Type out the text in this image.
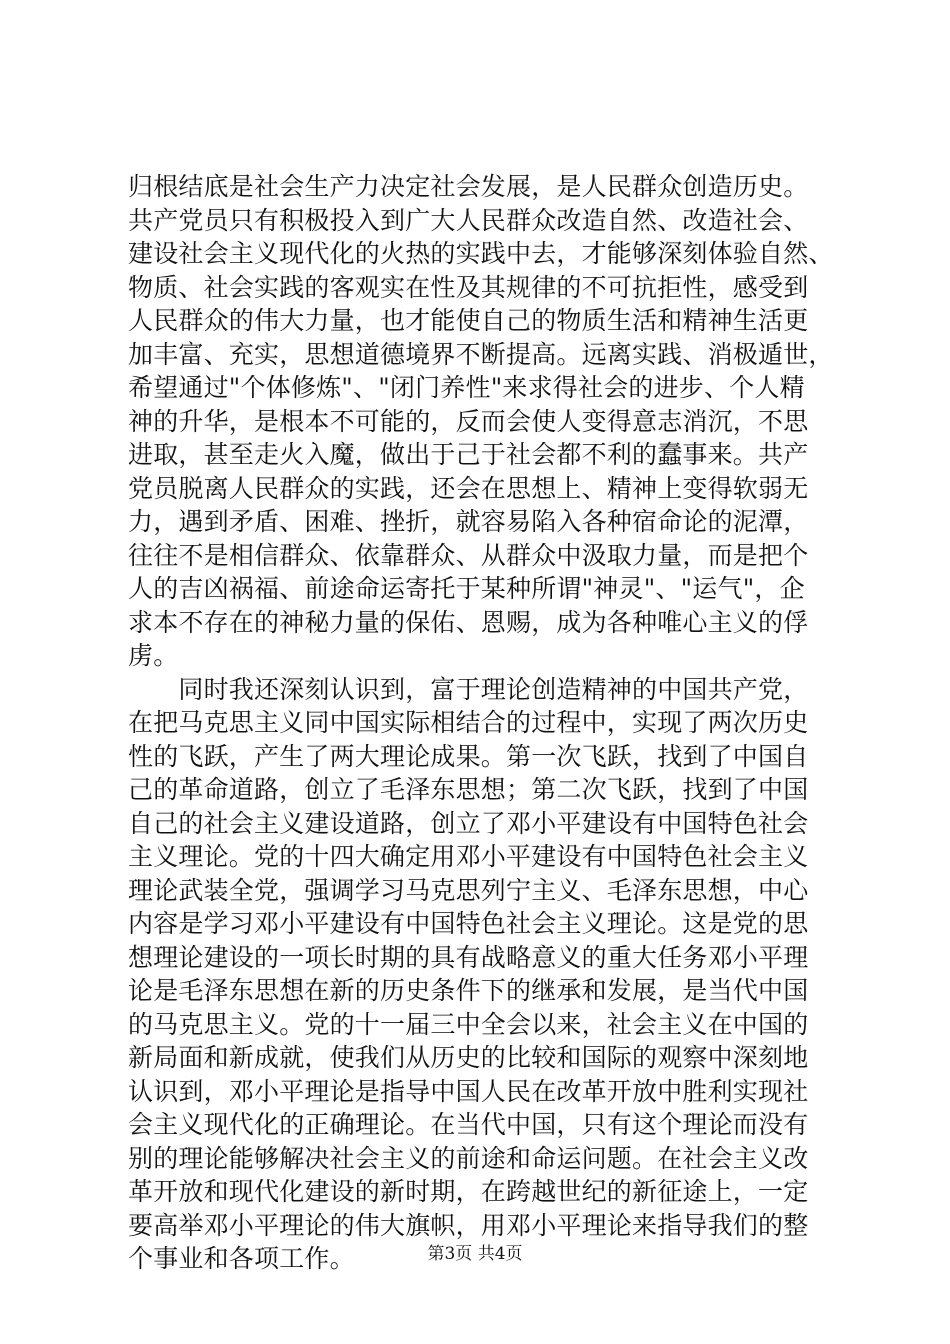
归根结底是社会生产力决定社会发展，是人民群众创造历史。
共产党员只有积极投入到广大人民群众改造自然、改造社会、
建设社会主义现代化的火热的实践中去，才能够深刻体验自然、
物质、社会实践的客观实在性及其规律的不可抗拒性，感受到
人民群众的伟大力量，也才能使自己的物质生活和精神生活更
加丰富、充实，思想道德境界不断提高。远离实践、消极遁世，
希望通过"个体修炼"、"闭门养性"来求得社会的进步、个人精
神的升华，是根本不可能的，反而会使人变得意志消沉，不思
进取，甚至走火入魔，做出于己于社会都不利的蠢事来。共产
党员脱离人民群众的实践，还会在思想上、精神上变得软弱无
力，遇到矛盾、困难、挫折，就容易陷入各种宿命论的泥潭，
往往不是相信群众、依靠群众、从群众中汲取力量，而是把个
人的吉凶祸福、前途命运寄托于某种所谓"神灵"、"运气"，企
求本不存在的神秘力量的保佑、恩赐，成为各种唯心主义的俘
虏。
　　同时我还深刻认识到，富于理论创造精神的中国共产党，
在把马克思主义同中国实际相结合的过程中，实现了两次历史
性的飞跃，产生了两大理论成果。第一次飞跃，找到了中国自
己的革命道路，创立了毛泽东思想；第二次飞跃，找到了中国
自己的社会主义建设道路，创立了邓小平建设有中国特色社会
主义理论。党的十四大确定用邓小平建设有中国特色社会主义
理论武装全党，强调学习马克思列宁主义、毛泽东思想，中心
内容是学习邓小平建设有中国特色社会主义理论。这是党的思
想理论建设的一项长时期的具有战略意义的重大任务邓小平理
论是毛泽东思想在新的历史条件下的继承和发展，是当代中国
的马克思主义。党的十一届三中全会以来，社会主义在中国的
新局面和新成就，使我们从历史的比较和国际的观察中深刻地
认识到，邓小平理论是指导中国人民在改革开放中胜利实现社
会主义现代化的正确理论。在当代中国，只有这个理论而没有
别的理论能够解决社会主义的前途和命运问题。在社会主义改
革开放和现代化建设的新时期，在跨越世纪的新征途上，一定
要高举邓小平理论的伟大旗帜，用邓小平理论来指导我们的整
个事业和各项工作。	第3页 共4页
